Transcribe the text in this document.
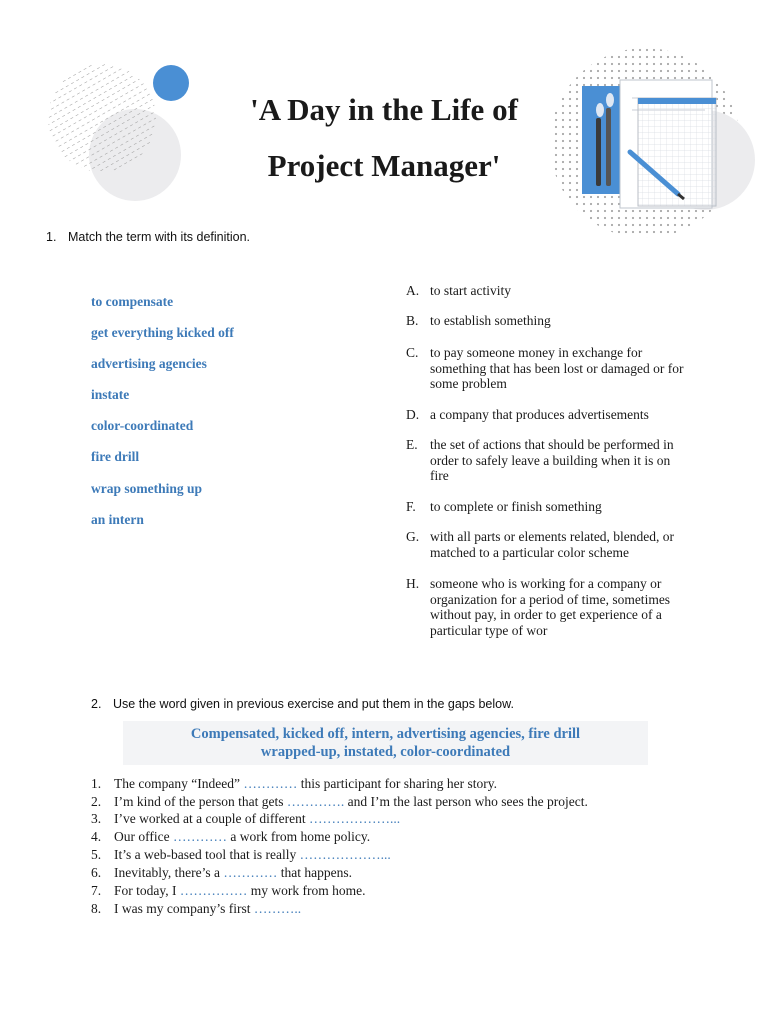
'A Day in the Life of
Project Manager'
1. Match the term with its definition.
to compensate
get everything kicked off
advertising agencies
instate
color-coordinated
fire drill
wrap something up
an intern
A. to start activity
B. to establish something
C. to pay someone money in exchange for something that has been lost or damaged or for some problem
D. a company that produces advertisements
E. the set of actions that should be performed in order to safely leave a building when it is on fire
F.	to complete or finish something
G. with all parts or elements related, blended, or matched to a particular color scheme
H. someone who is working for a company or organization for a period of time, sometimes without pay, in order to get experience of a particular type of wor
2. Use the word given in previous exercise and put them in the gaps below.
Compensated, kicked off, intern, advertising agencies, fire drill
wrapped-up, instated, color-coordinated
1. The company “Indeed” ………… this participant for sharing her story.
2. I’m kind of the person that gets …………. and I’m the last person who sees the project.
3. I’ve worked at a couple of different ………………...
4. Our office ………… a work from home policy.
5. It’s a web-based tool that is really ………………...
6. Inevitably, there’s a ………… that happens.
7. For today, I …………… my work from home.
8. I was my company’s first ………..
